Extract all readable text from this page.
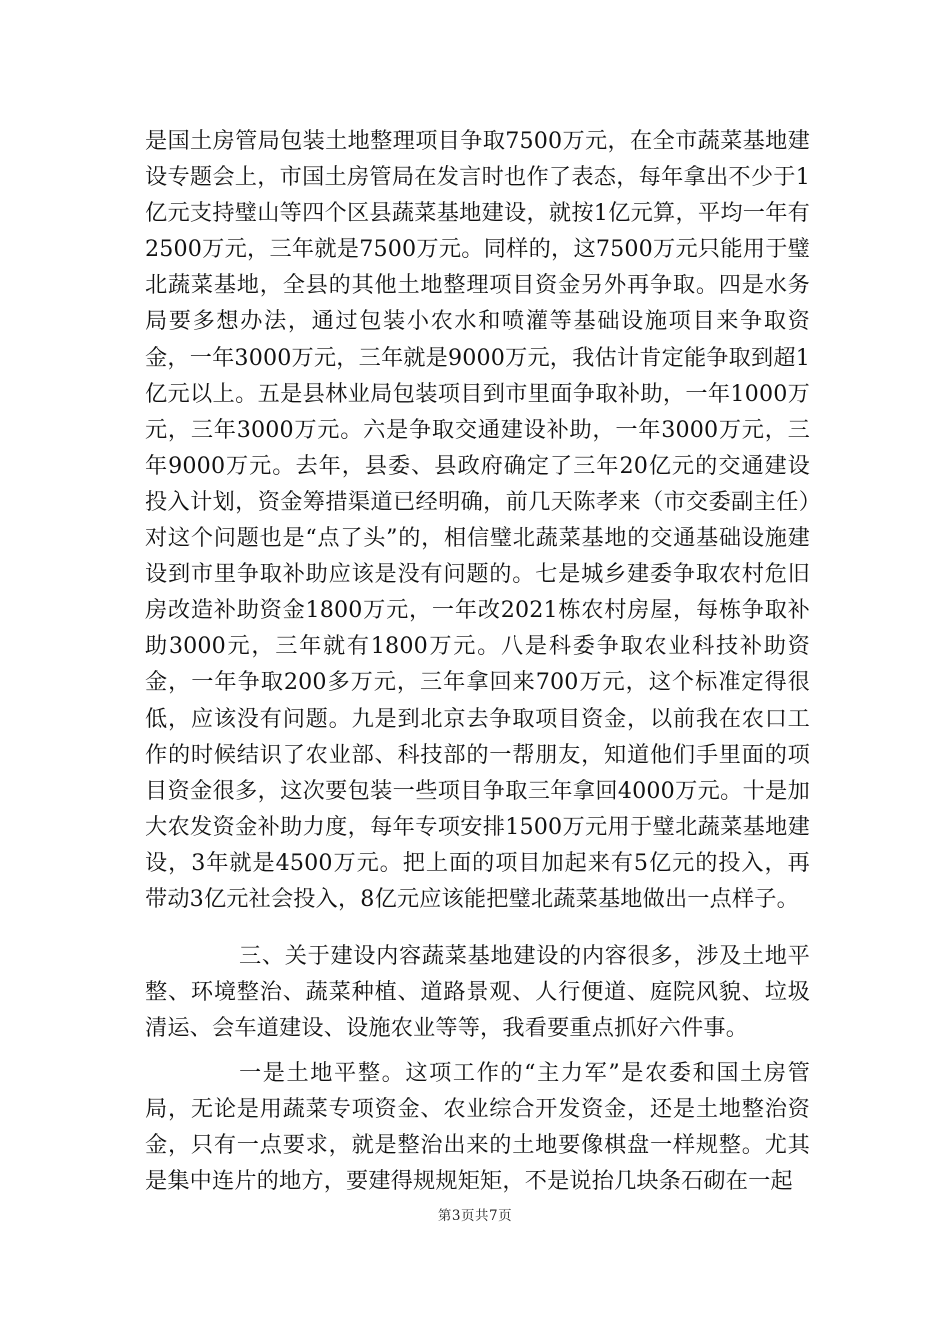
是国土房管局包装土地整理项目争取7500万元，在全市蔬菜基地建设专题会上，市国土房管局在发言时也作了表态，每年拿出不少于1亿元支持璧山等四个区县蔬菜基地建设，就按1亿元算，平均一年有2500万元，三年就是7500万元。同样的，这7500万元只能用于璧北蔬菜基地，全县的其他土地整理项目资金另外再争取。四是水务局要多想办法，通过包装小农水和喷灌等基础设施项目来争取资金，一年3000万元，三年就是9000万元，我估计肯定能争取到超1亿元以上。五是县林业局包装项目到市里面争取补助，一年1000万元，三年3000万元。六是争取交通建设补助，一年3000万元，三年9000万元。去年，县委、县政府确定了三年20亿元的交通建设投入计划，资金筹措渠道已经明确，前几天陈孝来（市交委副主任）对这个问题也是“点了头”的，相信璧北蔬菜基地的交通基础设施建设到市里争取补助应该是没有问题的。七是城乡建委争取农村危旧房改造补助资金1800万元，一年改2021栋农村房屋，每栋争取补助3000元，三年就有1800万元。八是科委争取农业科技补助资金，一年争取200多万元，三年拿回来700万元，这个标准定得很低，应该没有问题。九是到北京去争取项目资金，以前我在农口工作的时候结识了农业部、科技部的一帮朋友，知道他们手里面的项目资金很多，这次要包装一些项目争取三年拿回4000万元。十是加大农发资金补助力度，每年专项安排1500万元用于璧北蔬菜基地建设，3年就是4500万元。把上面的项目加起来有5亿元的投入，再带动3亿元社会投入，8亿元应该能把璧北蔬菜基地做出一点样子。

三、关于建设内容蔬菜基地建设的内容很多，涉及土地平整、环境整治、蔬菜种植、道路景观、人行便道、庭院风貌、垃圾清运、会车道建设、设施农业等等，我看要重点抓好六件事。

一是土地平整。这项工作的“主力军”是农委和国土房管局，无论是用蔬菜专项资金、农业综合开发资金，还是土地整治资金，只有一点要求，就是整治出来的土地要像棋盘一样规整。尤其是集中连片的地方，要建得规规矩矩，不是说抬几块条石砌在一起

第3页共7页
